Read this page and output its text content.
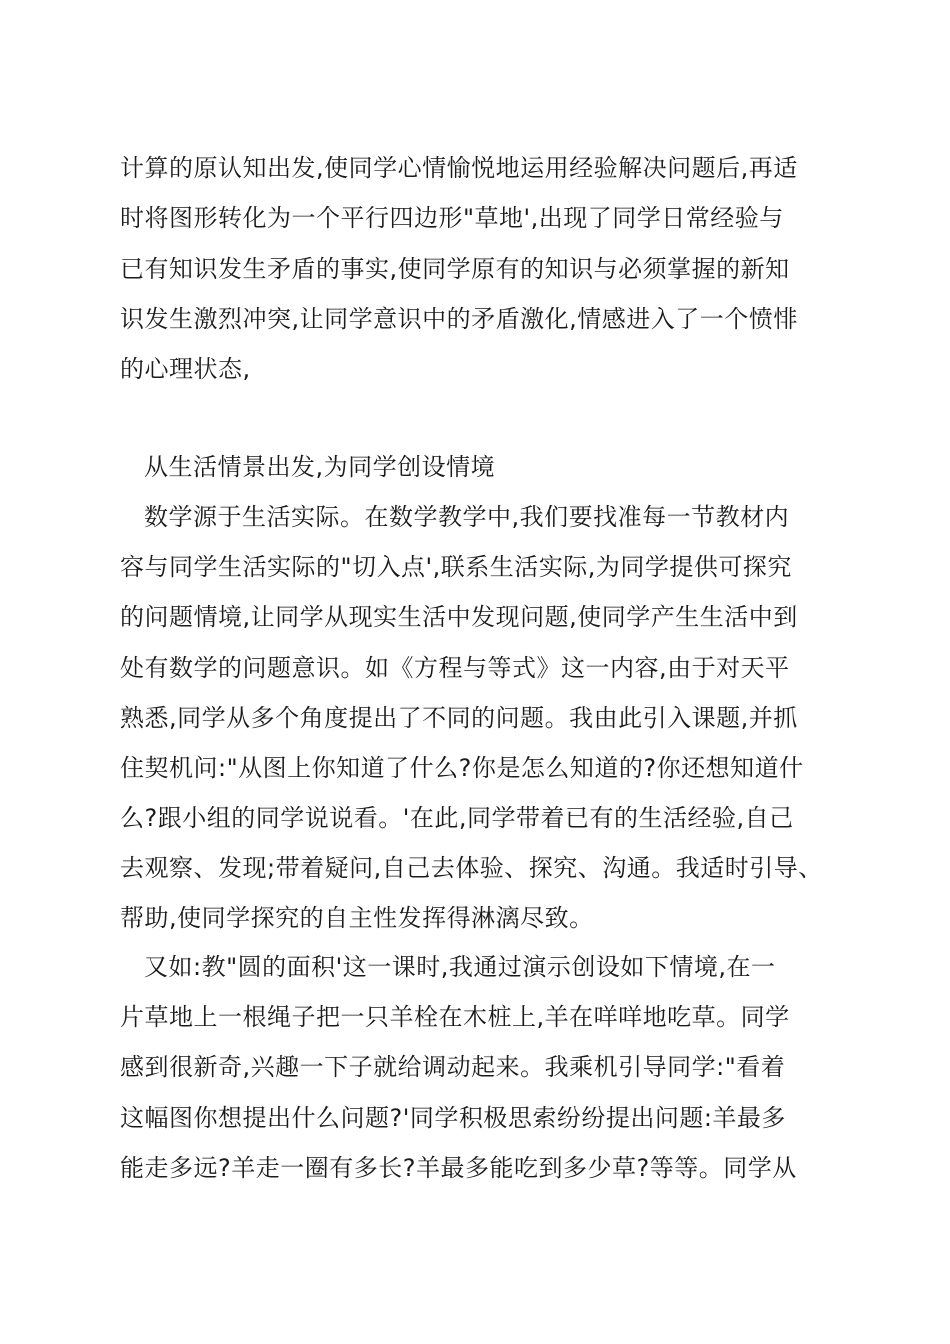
计算的原认知出发,使同学心情愉悦地运用经验解决问题后,再适
时将图形转化为一个平行四边形"草地',出现了同学日常经验与
已有知识发生矛盾的事实,使同学原有的知识与必须掌握的新知
识发生激烈冲突,让同学意识中的矛盾激化,情感进入了一个愤悱
的心理状态,
从生活情景出发,为同学创设情境
数学源于生活实际。在数学教学中,我们要找准每一节教材内
容与同学生活实际的"切入点',联系生活实际,为同学提供可探究
的问题情境,让同学从现实生活中发现问题,使同学产生生活中到
处有数学的问题意识。如《方程与等式》这一内容,由于对天平
熟悉,同学从多个角度提出了不同的问题。我由此引入课题,并抓
住契机问:"从图上你知道了什么?你是怎么知道的?你还想知道什
么?跟小组的同学说说看。'在此,同学带着已有的生活经验,自己
去观察、发现;带着疑问,自己去体验、探究、沟通。我适时引导、
帮助,使同学探究的自主性发挥得淋漓尽致。
又如:教"圆的面积'这一课时,我通过演示创设如下情境,在一
片草地上一根绳子把一只羊栓在木桩上,羊在咩咩地吃草。同学
感到很新奇,兴趣一下子就给调动起来。我乘机引导同学:"看着
这幅图你想提出什么问题?'同学积极思索纷纷提出问题:羊最多
能走多远?羊走一圈有多长?羊最多能吃到多少草?等等。同学从
